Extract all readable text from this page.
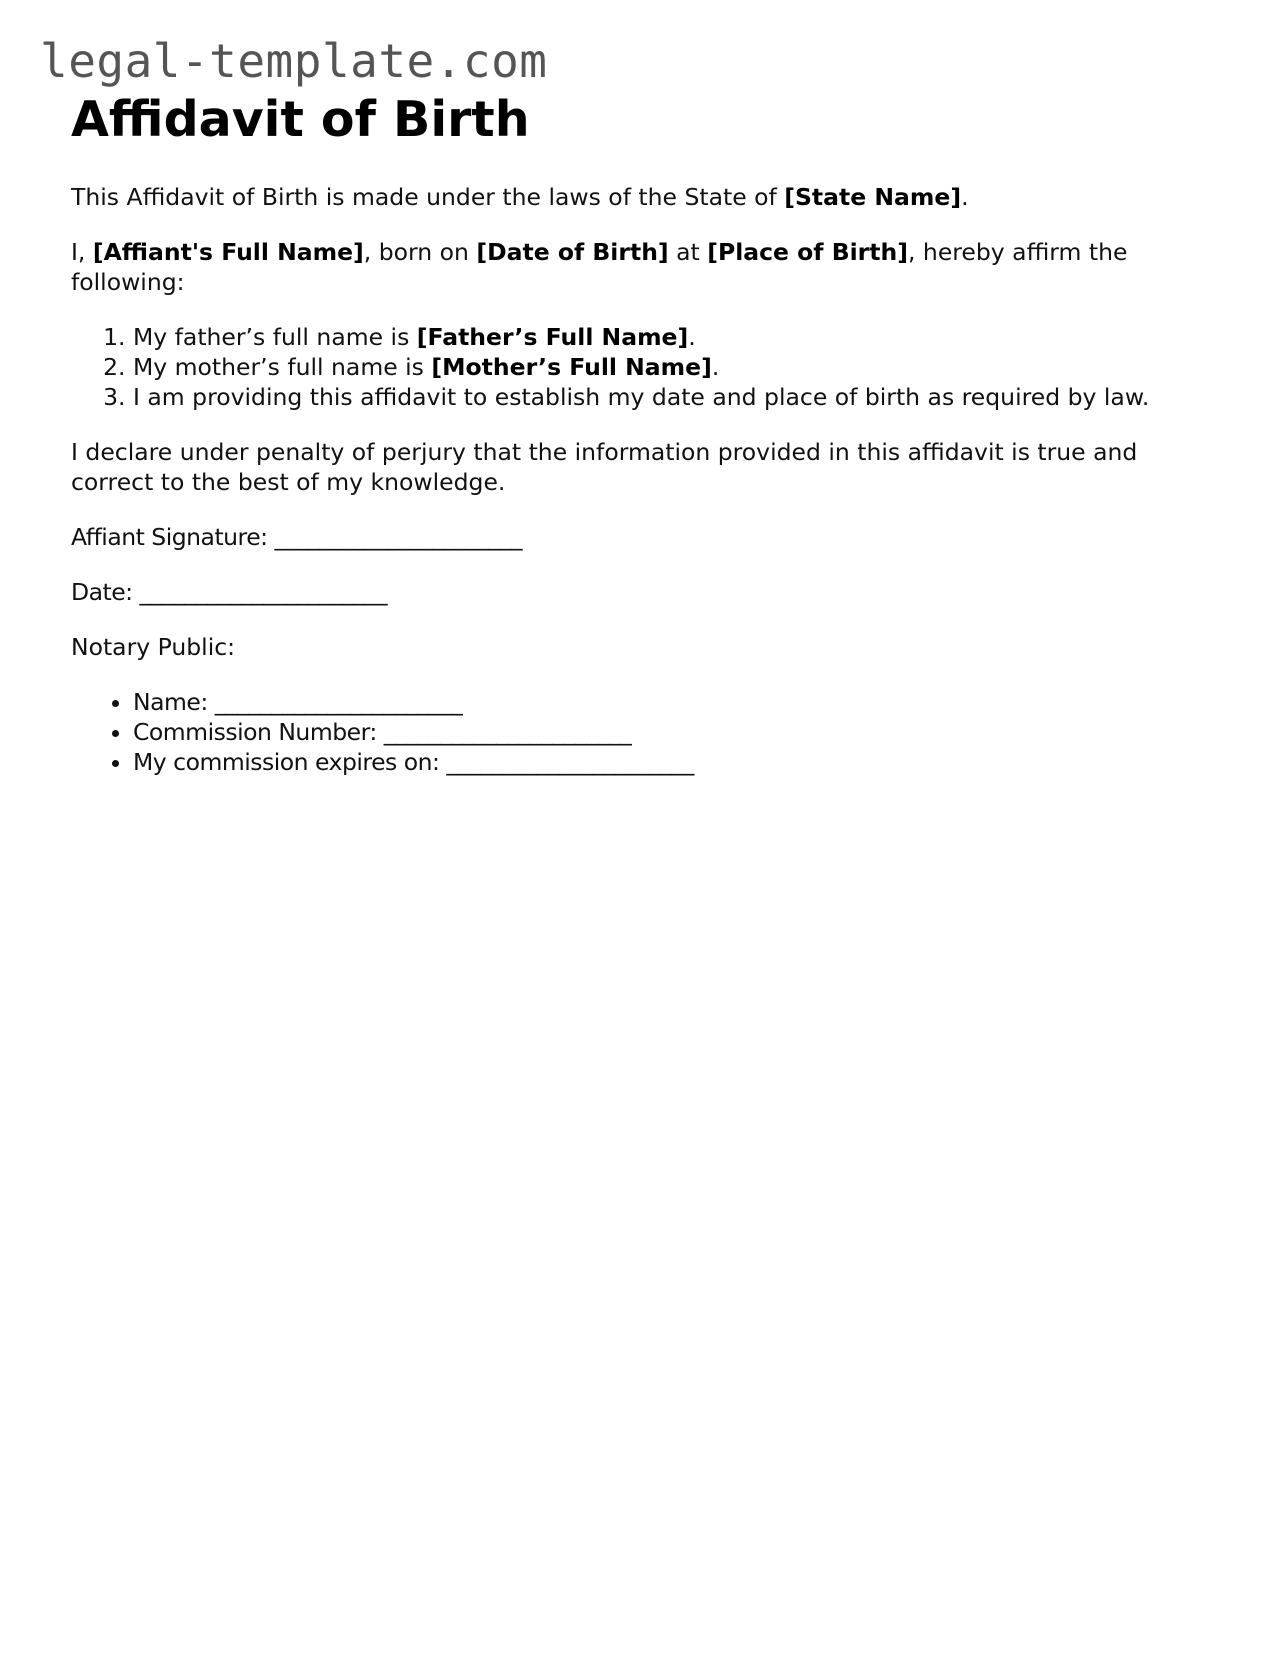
legal-template.com
Affidavit of Birth

This Affidavit of Birth is made under the laws of the State of [State Name].

I, [Affiant's Full Name], born on [Date of Birth] at [Place of Birth], hereby affirm the following:

1. My father’s full name is [Father’s Full Name].
2. My mother’s full name is [Mother’s Full Name].
3. I am providing this affidavit to establish my date and place of birth as required by law.

I declare under penalty of perjury that the information provided in this affidavit is true and correct to the best of my knowledge.

Affiant Signature: ______________________

Date: ______________________

Notary Public:

• Name: ______________________
• Commission Number: ______________________
• My commission expires on: ______________________
